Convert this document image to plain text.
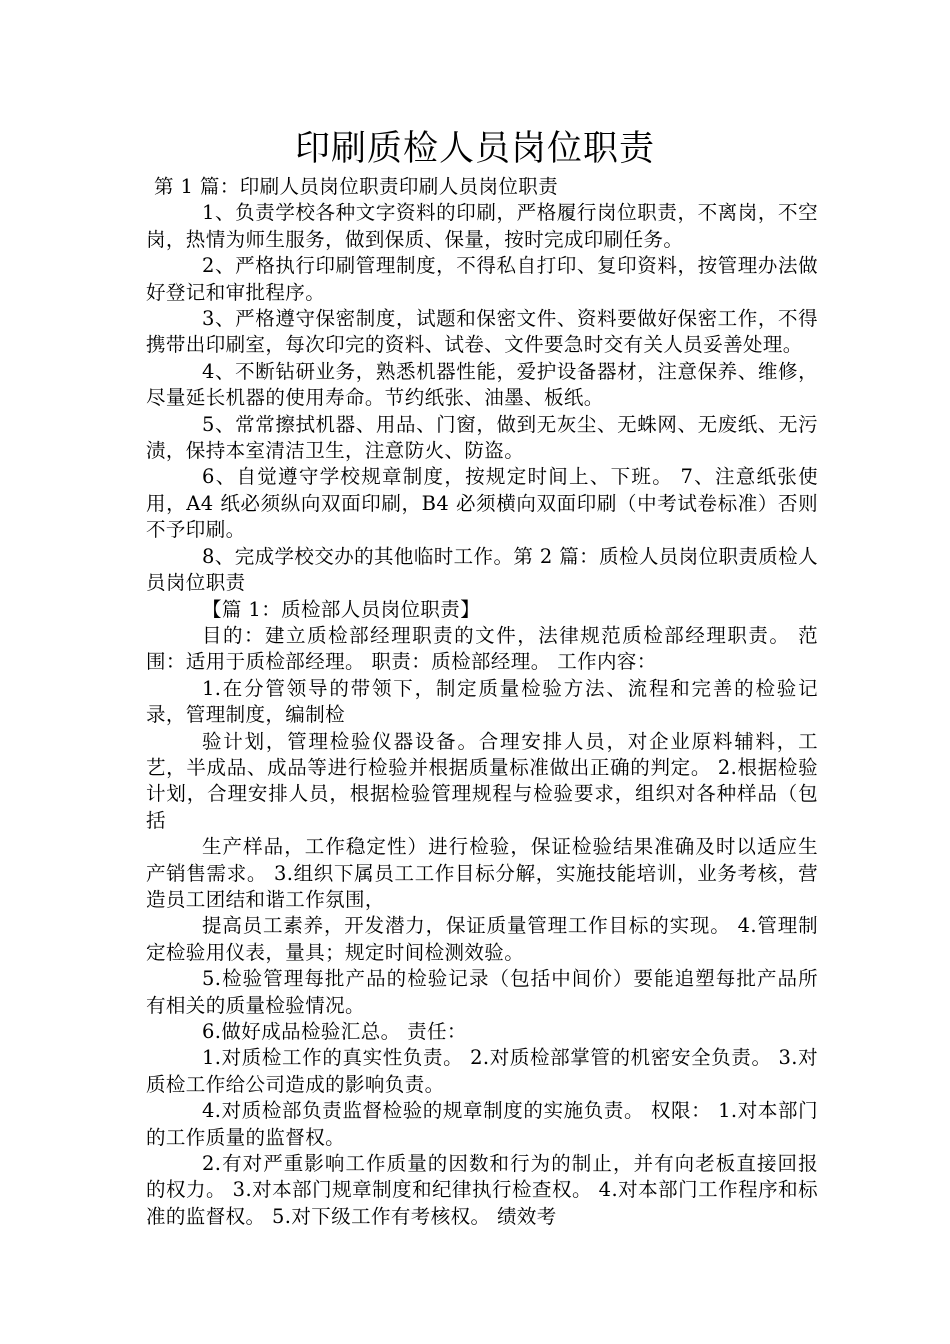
印刷质检人员岗位职责

第 1 篇：印刷人员岗位职责印刷人员岗位职责

1、负责学校各种文字资料的印刷，严格履行岗位职责，不离岗，不空岗，热情为师生服务，做到保质、保量，按时完成印刷任务。

2、严格执行印刷管理制度，不得私自打印、复印资料，按管理办法做好登记和审批程序。

3、严格遵守保密制度，试题和保密文件、资料要做好保密工作，不得携带出印刷室，每次印完的资料、试卷、文件要急时交有关人员妥善处理。

4、不断钻研业务，熟悉机器性能，爱护设备器材，注意保养、维修，尽量延长机器的使用寿命。节约纸张、油墨、板纸。

5、常常擦拭机器、用品、门窗，做到无灰尘、无蛛网、无废纸、无污渍，保持本室清洁卫生，注意防火、防盗。

6、自觉遵守学校规章制度，按规定时间上、下班。 7、注意纸张使用，A4 纸必须纵向双面印刷，B4 必须横向双面印刷（中考试卷标准）否则不予印刷。

8、完成学校交办的其他临时工作。第 2 篇：质检人员岗位职责质检人员岗位职责

【篇 1：质检部人员岗位职责】

目的：建立质检部经理职责的文件，法律规范质检部经理职责。 范围：适用于质检部经理。 职责：质检部经理。 工作内容：

1.在分管领导的带领下，制定质量检验方法、流程和完善的检验记录，管理制度，编制检

验计划，管理检验仪器设备。合理安排人员，对企业原料辅料，工艺，半成品、成品等进行检验并根据质量标准做出正确的判定。 2.根据检验计划，合理安排人员，根据检验管理规程与检验要求，组织对各种样品（包括

生产样品，工作稳定性）进行检验，保证检验结果准确及时以适应生产销售需求。 3.组织下属员工工作目标分解，实施技能培训，业务考核，营造员工团结和谐工作氛围，

提高员工素养，开发潜力，保证质量管理工作目标的实现。 4.管理制定检验用仪表，量具；规定时间检测效验。

5.检验管理每批产品的检验记录（包括中间价）要能追塑每批产品所有相关的质量检验情况。

6.做好成品检验汇总。 责任：

1.对质检工作的真实性负责。 2.对质检部掌管的机密安全负责。 3.对质检工作给公司造成的影响负责。

4.对质检部负责监督检验的规章制度的实施负责。 权限： 1.对本部门的工作质量的监督权。

2.有对严重影响工作质量的因数和行为的制止，并有向老板直接回报的权力。 3.对本部门规章制度和纪律执行检查权。 4.对本部门工作程序和标准的监督权。 5.对下级工作有考核权。 绩效考
